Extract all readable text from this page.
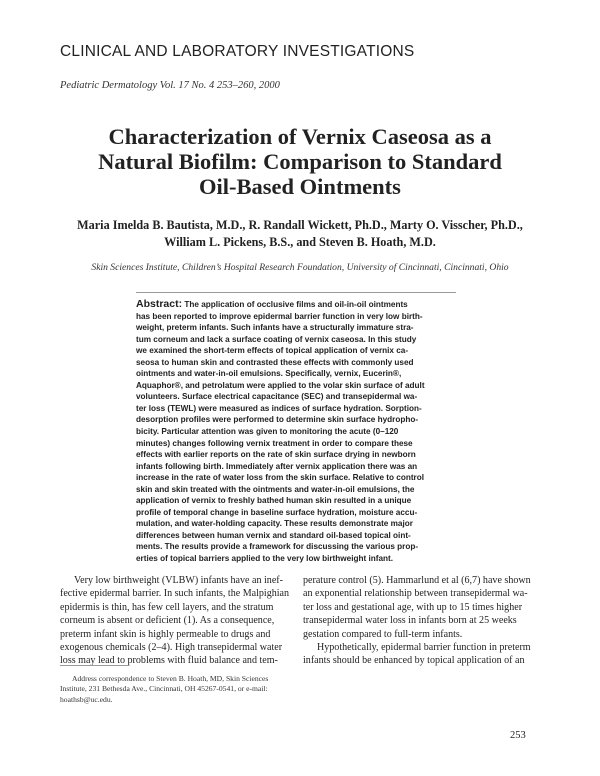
CLINICAL AND LABORATORY INVESTIGATIONS
Pediatric Dermatology Vol. 17 No. 4 253–260, 2000
Characterization of Vernix Caseosa as a
Natural Biofilm: Comparison to Standard
Oil-Based Ointments
Maria Imelda B. Bautista, M.D., R. Randall Wickett, Ph.D., Marty O. Visscher, Ph.D.,
William L. Pickens, B.S., and Steven B. Hoath, M.D.
Skin Sciences Institute, Children’s Hospital Research Foundation, University of Cincinnati, Cincinnati, Ohio
Abstract: The application of occlusive films and oil-in-oil ointments
has been reported to improve epidermal barrier function in very low birth-
weight, preterm infants. Such infants have a structurally immature stra-
tum corneum and lack a surface coating of vernix caseosa. In this study
we examined the short-term effects of topical application of vernix ca-
seosa to human skin and contrasted these effects with commonly used
ointments and water-in-oil emulsions. Specifically, vernix, Eucerin®,
Aquaphor®, and petrolatum were applied to the volar skin surface of adult
volunteers. Surface electrical capacitance (SEC) and transepidermal wa-
ter loss (TEWL) were measured as indices of surface hydration. Sorption-
desorption profiles were performed to determine skin surface hydropho-
bicity. Particular attention was given to monitoring the acute (0–120
minutes) changes following vernix treatment in order to compare these
effects with earlier reports on the rate of skin surface drying in newborn
infants following birth. Immediately after vernix application there was an
increase in the rate of water loss from the skin surface. Relative to control
skin and skin treated with the ointments and water-in-oil emulsions, the
application of vernix to freshly bathed human skin resulted in a unique
profile of temporal change in baseline surface hydration, moisture accu-
mulation, and water-holding capacity. These results demonstrate major
differences between human vernix and standard oil-based topical oint-
ments. The results provide a framework for discussing the various prop-
erties of topical barriers applied to the very low birthweight infant.
Very low birthweight (VLBW) infants have an inef-
fective epidermal barrier. In such infants, the Malpighian
epidermis is thin, has few cell layers, and the stratum
corneum is absent or deficient (1). As a consequence,
preterm infant skin is highly permeable to drugs and
exogenous chemicals (2–4). High transepidermal water
loss may lead to problems with fluid balance and tem-
perature control (5). Hammarlund et al (6,7) have shown
an exponential relationship between transepidermal wa-
ter loss and gestational age, with up to 15 times higher
transepidermal water loss in infants born at 25 weeks
gestation compared to full-term infants.
Hypothetically, epidermal barrier function in preterm
infants should be enhanced by topical application of an
Address correspondence to Steven B. Hoath, MD, Skin Sciences
Institute, 231 Bethesda Ave., Cincinnati, OH 45267-0541, or e-mail:
hoathsb@uc.edu.
253
